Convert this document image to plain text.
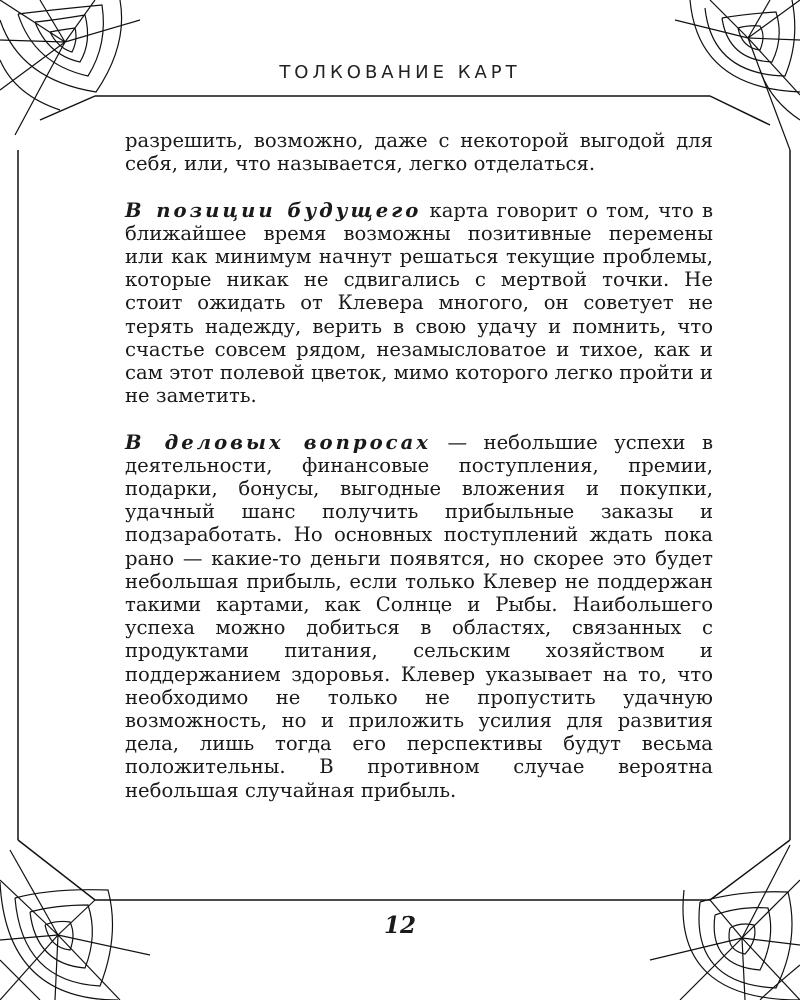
ТОЛКОВАНИЕ КАРТ

разрешить, возможно, даже с некоторой выгодой для себя, или, что называется, легко отделаться.

В позиции будущего карта говорит о том, что в ближайшее время возможны позитивные перемены или как минимум начнут решаться текущие проблемы, которые никак не сдвигались с мертвой точки. Не стоит ожидать от Клевера многого, он советует не терять надежду, верить в свою удачу и помнить, что счастье совсем рядом, незамысловатое и тихое, как и сам этот полевой цветок, мимо которого легко пройти и не заметить.

В деловых вопросах — небольшие успехи в деятельности, финансовые поступления, премии, подарки, бонусы, выгодные вложения и покупки, удачный шанс получить прибыльные заказы и подзаработать. Но основных поступлений ждать пока рано — какие-то деньги появятся, но скорее это будет небольшая прибыль, если только Клевер не поддержан такими картами, как Солнце и Рыбы. Наибольшего успеха можно добиться в областях, связанных с продуктами питания, сельским хозяйством и поддержанием здоровья. Клевер указывает на то, что необходимо не только не пропустить удачную возможность, но и приложить усилия для развития дела, лишь тогда его перспективы будут весьма положительны. В противном случае вероятна небольшая случайная прибыль.

12
